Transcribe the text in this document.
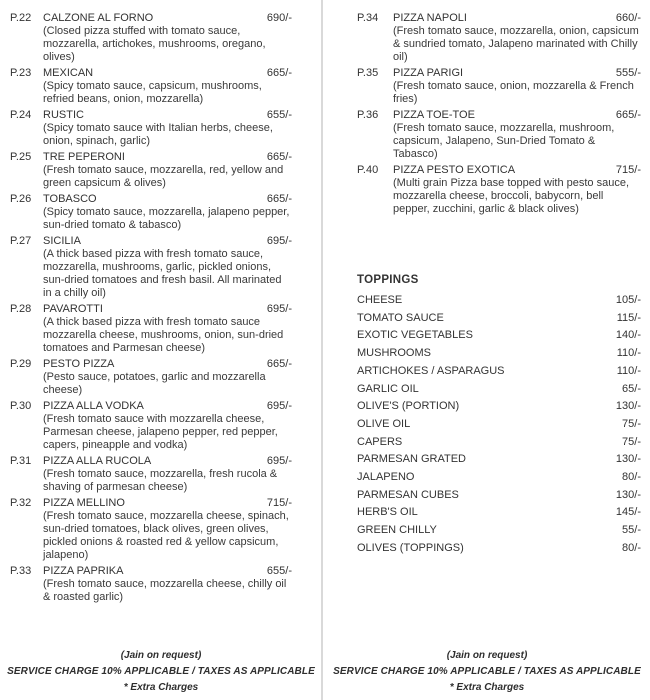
P.22	CALZONE AL FORNO	690/-
(Closed pizza stuffed with tomato sauce, mozzarella, artichokes, mushrooms, oregano, olives)
P.23	MEXICAN	665/-
(Spicy tomato sauce, capsicum, mushrooms, refried beans, onion, mozzarella)
P.24	RUSTIC	655/-
(Spicy tomato sauce with Italian herbs, cheese, onion, spinach, garlic)
P.25	TRE PEPERONI	665/-
(Fresh tomato sauce, mozzarella, red, yellow and green capsicum & olives)
P.26	TOBASCO	665/-
(Spicy tomato sauce, mozzarella, jalapeno pepper, sun-dried tomato & tabasco)
P.27	SICILIA	695/-
(A thick based pizza with fresh tomato sauce, mozzarella, mushrooms, garlic, pickled onions, sun-dried tomatoes and fresh basil. All marinated in a chilly oil)
P.28	PAVAROTTI	695/-
(A thick based pizza with fresh tomato sauce mozzarella cheese, mushrooms, onion, sun-dried tomatoes and Parmesan cheese)
P.29	PESTO PIZZA	665/-
(Pesto sauce, potatoes, garlic and mozzarella cheese)
P.30	PIZZA ALLA VODKA	695/-
(Fresh tomato sauce with mozzarella cheese, Parmesan cheese, jalapeno pepper, red pepper, capers, pineapple and vodka)
P.31	PIZZA ALLA RUCOLA	695/-
(Fresh tomato sauce, mozzarella, fresh rucola & shaving of parmesan cheese)
P.32	PIZZA MELLINO	715/-
(Fresh tomato sauce, mozzarella cheese, spinach, sun-dried tomatoes, black olives, green olives, pickled onions & roasted red & yellow capsicum, jalapeno)
P.33	PIZZA PAPRIKA	655/-
(Fresh tomato sauce, mozzarella cheese, chilly oil & roasted garlic)
P.34	PIZZA NAPOLI	660/-
(Fresh tomato sauce, mozzarella, onion, capsicum & sundried tomato, Jalapeno marinated with Chilly oil)
P.35	PIZZA PARIGI	555/-
(Fresh tomato sauce, onion, mozzarella & French fries)
P.36	PIZZA TOE-TOE	665/-
(Fresh tomato sauce, mozzarella, mushroom, capsicum, Jalapeno, Sun-Dried Tomato & Tabasco)
P.40	PIZZA PESTO EXOTICA	715/-
(Multi grain Pizza base topped with pesto sauce, mozzarella cheese, broccoli, babycorn, bell pepper, zucchini, garlic & black olives)
TOPPINGS
CHEESE	105/-
TOMATO SAUCE	115/-
EXOTIC VEGETABLES	140/-
MUSHROOMS	110/-
ARTICHOKES / ASPARAGUS	110/-
GARLIC OIL	65/-
OLIVE'S (PORTION)	130/-
OLIVE OIL	75/-
CAPERS	75/-
PARMESAN GRATED	130/-
JALAPENO	80/-
PARMESAN CUBES	130/-
HERB'S OIL	145/-
GREEN CHILLY	55/-
OLIVES (TOPPINGS)	80/-
(Jain on request)
SERVICE CHARGE 10% APPLICABLE / TAXES AS APPLICABLE
* Extra Charges
(Jain on request)
SERVICE CHARGE 10% APPLICABLE / TAXES AS APPLICABLE
* Extra Charges
